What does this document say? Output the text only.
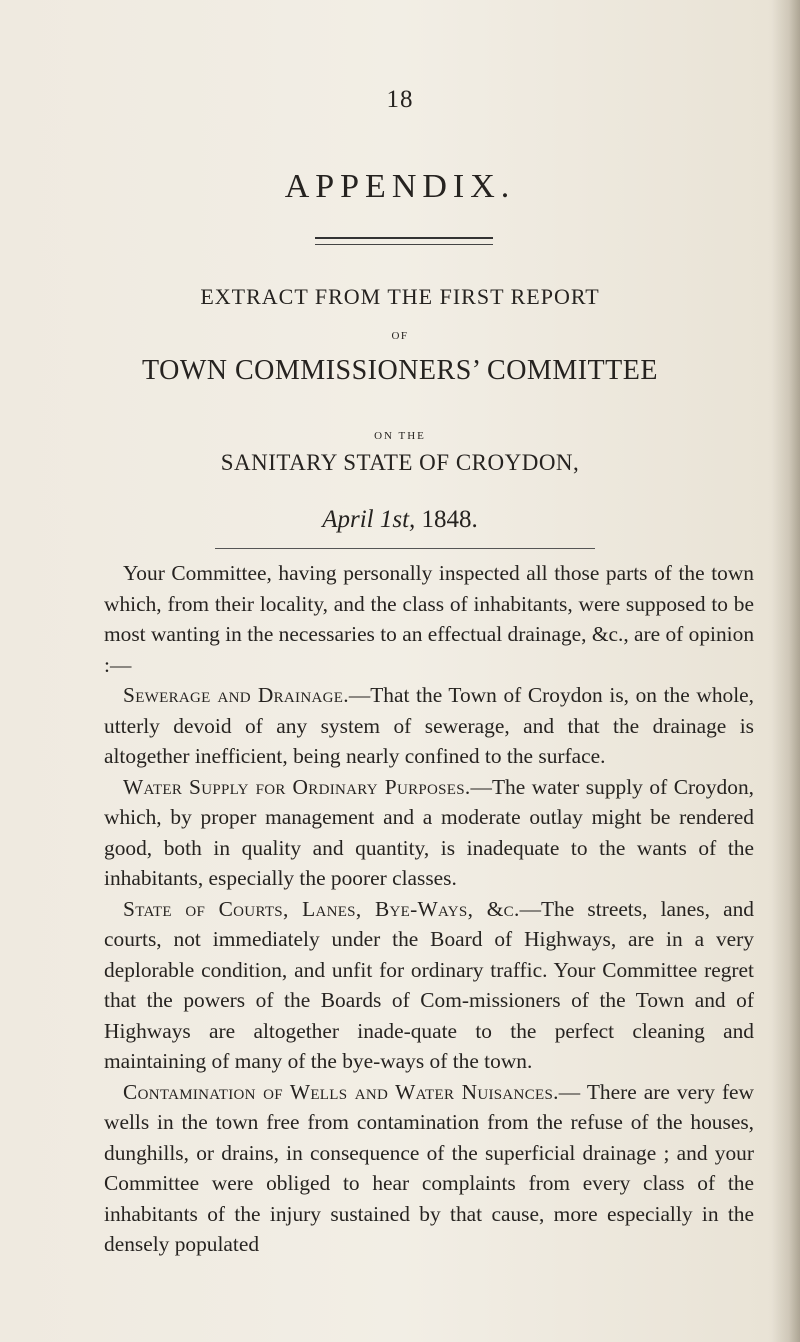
18
APPENDIX.
EXTRACT FROM THE FIRST REPORT
OF
TOWN COMMISSIONERS’ COMMITTEE
ON THE
SANITARY STATE OF CROYDON,
April 1st, 1848.

Your Committee, having personally inspected all those parts of the town which, from their locality, and the class of inhabitants, were supposed to be most wanting in the necessaries to an effectual drainage, &c., are of opinion :—

Sewerage and Drainage.—That the Town of Croydon is, on the whole, utterly devoid of any system of sewerage, and that the drainage is altogether inefficient, being nearly confined to the surface.

Water Supply for Ordinary Purposes.—The water supply of Croydon, which, by proper management and a moderate outlay might be rendered good, both in quality and quantity, is inadequate to the wants of the inhabitants, especially the poorer classes.

State of Courts, Lanes, Bye-Ways, &c.—The streets, lanes, and courts, not immediately under the Board of Highways, are in a very deplorable condition, and unfit for ordinary traffic. Your Committee regret that the powers of the Boards of Com-missioners of the Town and of Highways are altogether inade-quate to the perfect cleaning and maintaining of many of the bye-ways of the town.

Contamination of Wells and Water Nuisances.— There are very few wells in the town free from contamination from the refuse of the houses, dunghills, or drains, in consequence of the superficial drainage ; and your Committee were obliged to hear complaints from every class of the inhabitants of the injury sustained by that cause, more especially in the densely populated
